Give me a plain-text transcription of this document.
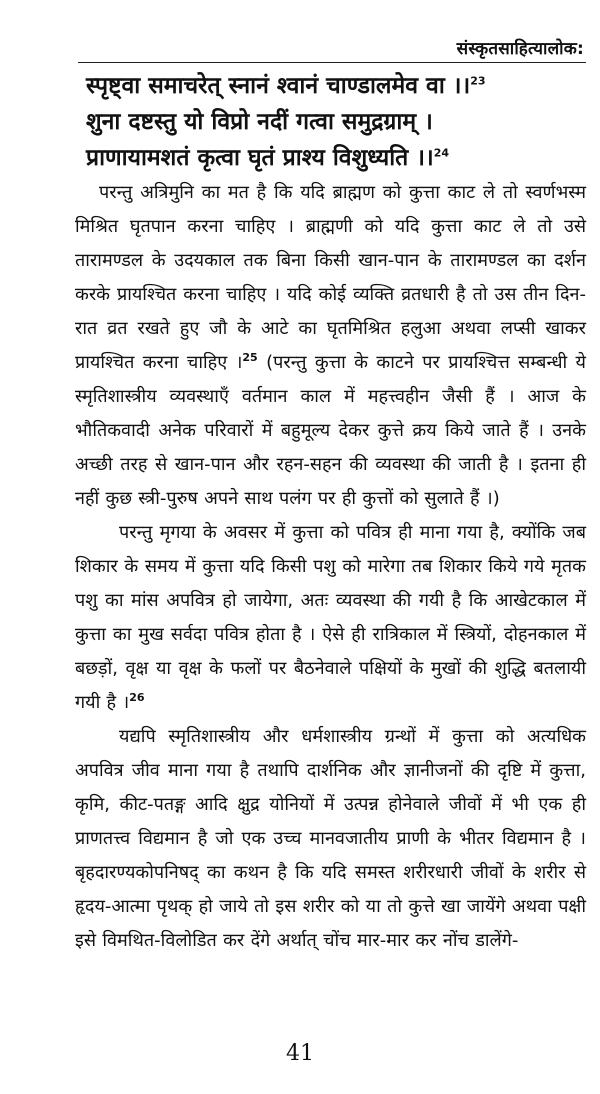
संस्कृतसाहित्यालोक:
स्पृष्ट्वा समाचरेत् स्नानं श्वानं चाण्डालमेव वा ।।$^{23}$
शुना दष्टस्तु यो विप्रो नदीं गत्वा समुद्रग्राम् ।
प्राणायामशतं कृत्वा घृतं प्राश्य विशुध्यति ।।$^{24}$

परन्तु अत्रिमुनि का मत है कि यदि ब्राह्मण को कुत्ता काट ले तो स्वर्णभस्म मिश्रित घृतपान करना चाहिए । ब्राह्मणी को यदि कुत्ता काट ले तो उसे तारामण्डल के उदयकाल तक बिना किसी खान-पान के तारामण्डल का दर्शन करके प्रायश्चित करना चाहिए । यदि कोई व्यक्ति व्रतधारी है तो उस तीन दिन-रात व्रत रखते हुए जौ के आटे का घृतमिश्रित हलुआ अथवा लप्सी खाकर प्रायश्चित करना चाहिए ।$^{25}$ (परन्तु कुत्ता के काटने पर प्रायश्चित्त सम्बन्धी ये स्मृतिशास्त्रीय व्यवस्थाएँ वर्तमान काल में महत्त्वहीन जैसी हैं । आज के भौतिकवादी अनेक परिवारों में बहुमूल्य देकर कुत्ते क्रय किये जाते हैं । उनके अच्छी तरह से खान-पान और रहन-सहन की व्यवस्था की जाती है । इतना ही नहीं कुछ स्त्री-पुरुष अपने साथ पलंग पर ही कुत्तों को सुलाते हैं ।)

परन्तु मृगया के अवसर में कुत्ता को पवित्र ही माना गया है, क्योंकि जब शिकार के समय में कुत्ता यदि किसी पशु को मारेगा तब शिकार किये गये मृतक पशु का मांस अपवित्र हो जायेगा, अतः व्यवस्था की गयी है कि आखेटकाल में कुत्ता का मुख सर्वदा पवित्र होता है । ऐसे ही रात्रिकाल में स्त्रियों, दोहनकाल में बछड़ों, वृक्ष या वृक्ष के फलों पर बैठनेवाले पक्षियों के मुखों की शुद्धि बतलायी गयी है ।$^{26}$

यद्यपि स्मृतिशास्त्रीय और धर्मशास्त्रीय ग्रन्थों में कुत्ता को अत्यधिक अपवित्र जीव माना गया है तथापि दार्शनिक और ज्ञानीजनों की दृष्टि में कुत्ता, कृमि, कीट-पतङ्ग आदि क्षुद्र योनियों में उत्पन्न होनेवाले जीवों में भी एक ही प्राणतत्त्व विद्यमान है जो एक उच्च मानवजातीय प्राणी के भीतर विद्यमान है । बृहदारण्यकोपनिषद् का कथन है कि यदि समस्त शरीरधारी जीवों के शरीर से हृदय-आत्मा पृथक् हो जाये तो इस शरीर को या तो कुत्ते खा जायेंगे अथवा पक्षी इसे विमथित-विलोडित कर देंगे अर्थात् चोंच मार-मार कर नोंच डालेंगे-

41
